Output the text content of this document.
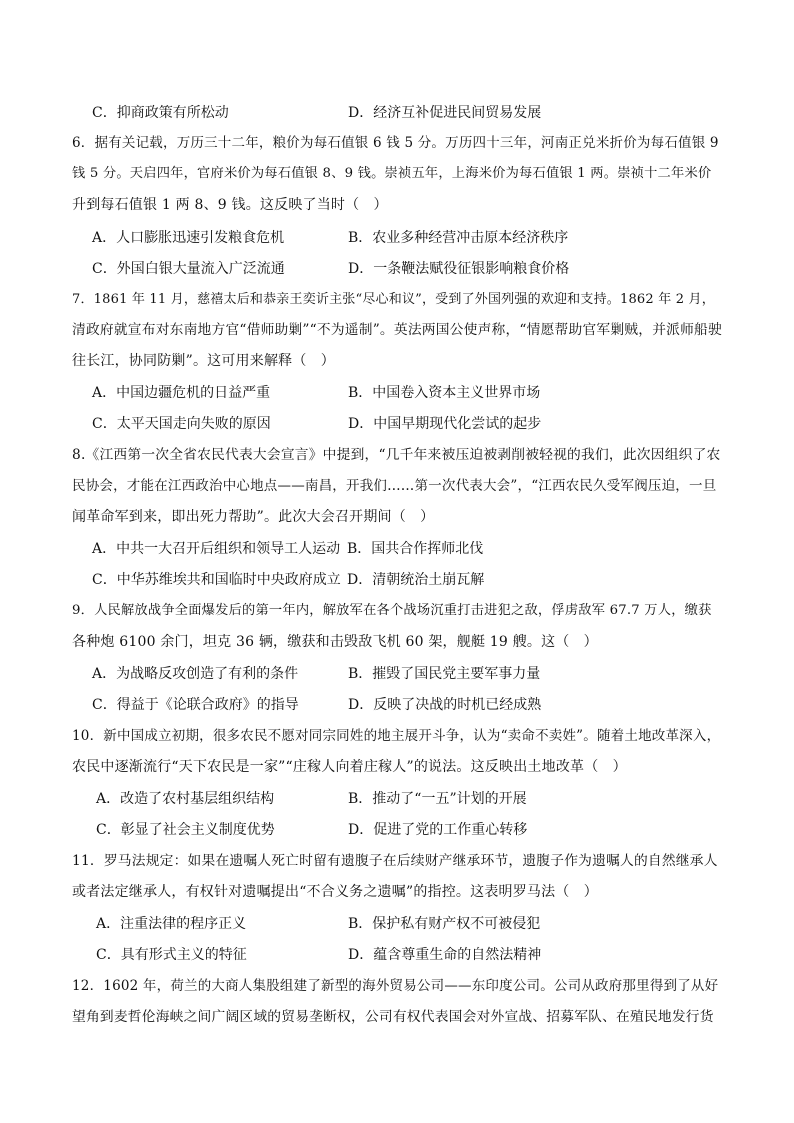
C．抑商政策有所松动	D．经济互补促进民间贸易发展
6．据有关记载，万历三十二年，粮价为每石值银 6 钱 5 分。万历四十三年，河南正兑米折价为每石值银 9
钱 5 分。天启四年，官府米价为每石值银 8、9 钱。崇祯五年，上海米价为每石值银 1 两。崇祯十二年米价
升到每石值银 1 两 8、9 钱。这反映了当时（　）
A．人口膨胀迅速引发粮食危机	B．农业多种经营冲击原本经济秩序
C．外国白银大量流入广泛流通	D．一条鞭法赋役征银影响粮食价格
7．1861 年 11 月，慈禧太后和恭亲王奕䜣主张“尽心和议”，受到了外国列强的欢迎和支持。1862 年 2 月，
清政府就宣布对东南地方官“借师助剿”“不为遥制”。英法两国公使声称，“情愿帮助官军剿贼，并派师船驶
往长江，协同防剿”。这可用来解释（　）
A．中国边疆危机的日益严重	B．中国卷入资本主义世界市场
C．太平天国走向失败的原因	D．中国早期现代化尝试的起步
8.《江西第一次全省农民代表大会宣言》中提到，“几千年来被压迫被剥削被轻视的我们，此次因组织了农
民协会，才能在江西政治中心地点——南昌，开我们……第一次代表大会”，“江西农民久受军阀压迫，一旦
闻革命军到来，即出死力帮助”。此次大会召开期间（　）
A．中共一大召开后组织和领导工人运动 B．国共合作挥师北伐
C．中华苏维埃共和国临时中央政府成立 D．清朝统治土崩瓦解
9．人民解放战争全面爆发后的第一年内，解放军在各个战场沉重打击进犯之敌，俘虏敌军 67.7 万人，缴获
各种炮 6100 余门，坦克 36 辆，缴获和击毁敌飞机 60 架，舰艇 19 艘。这（　）
A．为战略反攻创造了有利的条件	B．摧毁了国民党主要军事力量
C．得益于《论联合政府》的指导	D．反映了决战的时机已经成熟
10．新中国成立初期，很多农民不愿对同宗同姓的地主展开斗争，认为“卖命不卖姓”。随着土地改革深入，
农民中逐渐流行“天下农民是一家”“庄稼人向着庄稼人”的说法。这反映出土地改革（　）
A．改造了农村基层组织结构	B．推动了“一五”计划的开展
C．彰显了社会主义制度优势	D．促进了党的工作重心转移
11．罗马法规定：如果在遗嘱人死亡时留有遗腹子在后续财产继承环节，遗腹子作为遗嘱人的自然继承人
或者法定继承人，有权针对遗嘱提出“不合义务之遗嘱”的指控。这表明罗马法（　）
A．注重法律的程序正义	B．保护私有财产权不可被侵犯
C．具有形式主义的特征	D．蕴含尊重生命的自然法精神
12．1602 年，荷兰的大商人集股组建了新型的海外贸易公司——东印度公司。公司从政府那里得到了从好
望角到麦哲伦海峡之间广阔区域的贸易垄断权，公司有权代表国会对外宣战、招募军队、在殖民地发行货
